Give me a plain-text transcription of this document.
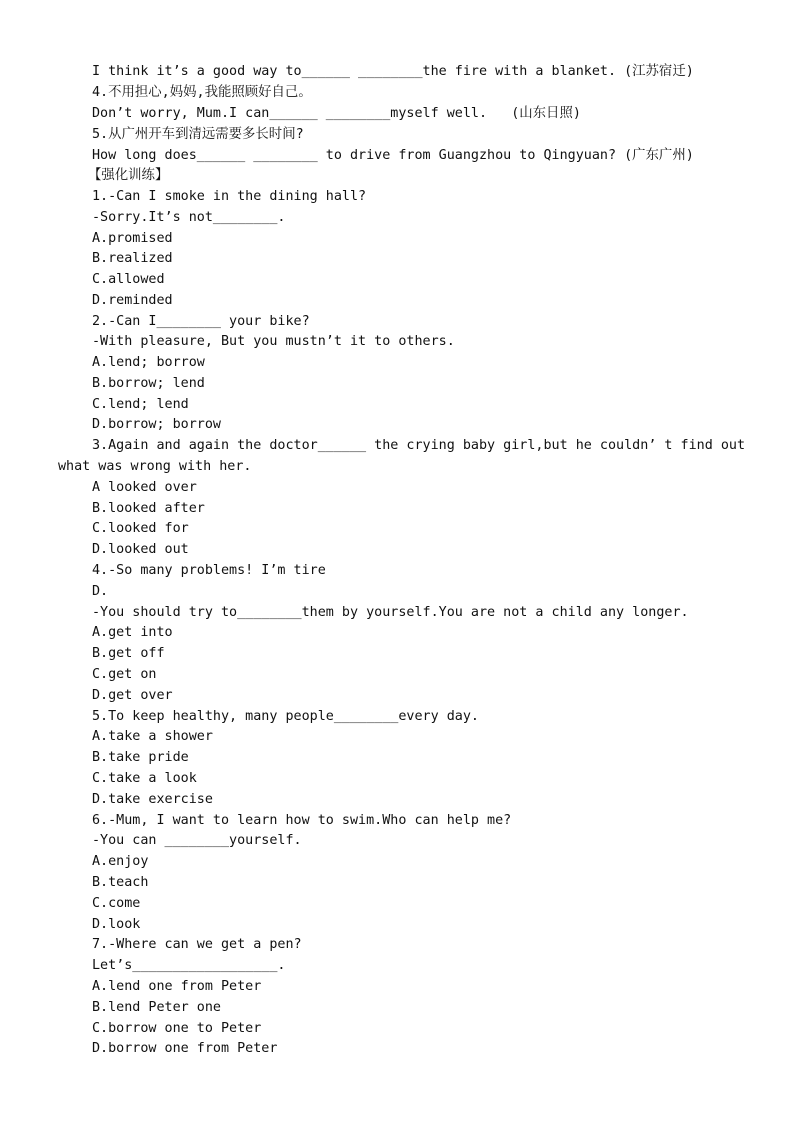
I think it’s a good way to______ ________the fire with a blanket. (江苏宿迁)
4.不用担心,妈妈,我能照顾好自己。
Don’t worry, Mum.I can______ ________myself well.   (山东日照)
5.从广州开车到清远需要多长时间?
How long does______ ________ to drive from Guangzhou to Qingyuan? (广东广州)
【强化训练】
1.-Can I smoke in the dining hall?
-Sorry.It’s not________.
A.promised
B.realized
C.allowed
D.reminded
2.-Can I________ your bike?
-With pleasure, But you mustn’t it to others.
A.lend; borrow
B.borrow; lend
C.lend; lend
D.borrow; borrow
3.Again and again the doctor______ the crying baby girl,but he couldn’ t find out
what was wrong with her.
A looked over
B.looked after
C.looked for
D.looked out
4.-So many problems! I’m tire
D.
-You should try to________them by yourself.You are not a child any longer.
A.get into
B.get off
C.get on
D.get over
5.To keep healthy, many people________every day.
A.take a shower
B.take pride
C.take a look
D.take exercise
6.-Mum, I want to learn how to swim.Who can help me?
-You can ________yourself.
A.enjoy
B.teach
C.come
D.look
7.-Where can we get a pen?
Let’s__________________.
A.lend one from Peter
B.lend Peter one
C.borrow one to Peter
D.borrow one from Peter
